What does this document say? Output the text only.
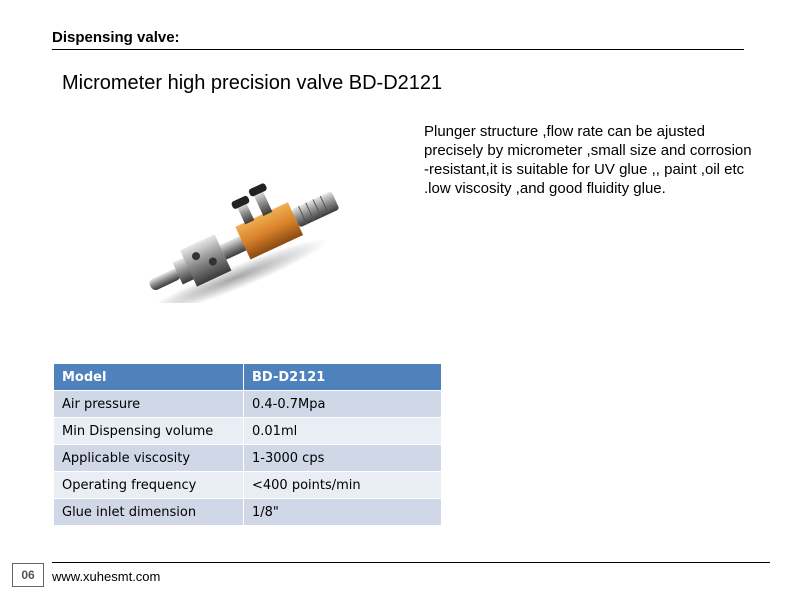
Dispensing valve:
Micrometer high precision valve BD-D2121
Plunger structure ,flow rate can be ajusted precisely by micrometer ,small size and corrosion -resistant,it is suitable for UV glue ,, paint ,oil etc .low viscosity ,and good fluidity glue.
Model	BD-D2121
Air pressure	0.4-0.7Mpa
Min Dispensing volume	0.01ml
Applicable viscosity	1-3000 cps
Operating frequency	<400 points/min
Glue inlet dimension	1/8"
06	www.xuhesmt.com
